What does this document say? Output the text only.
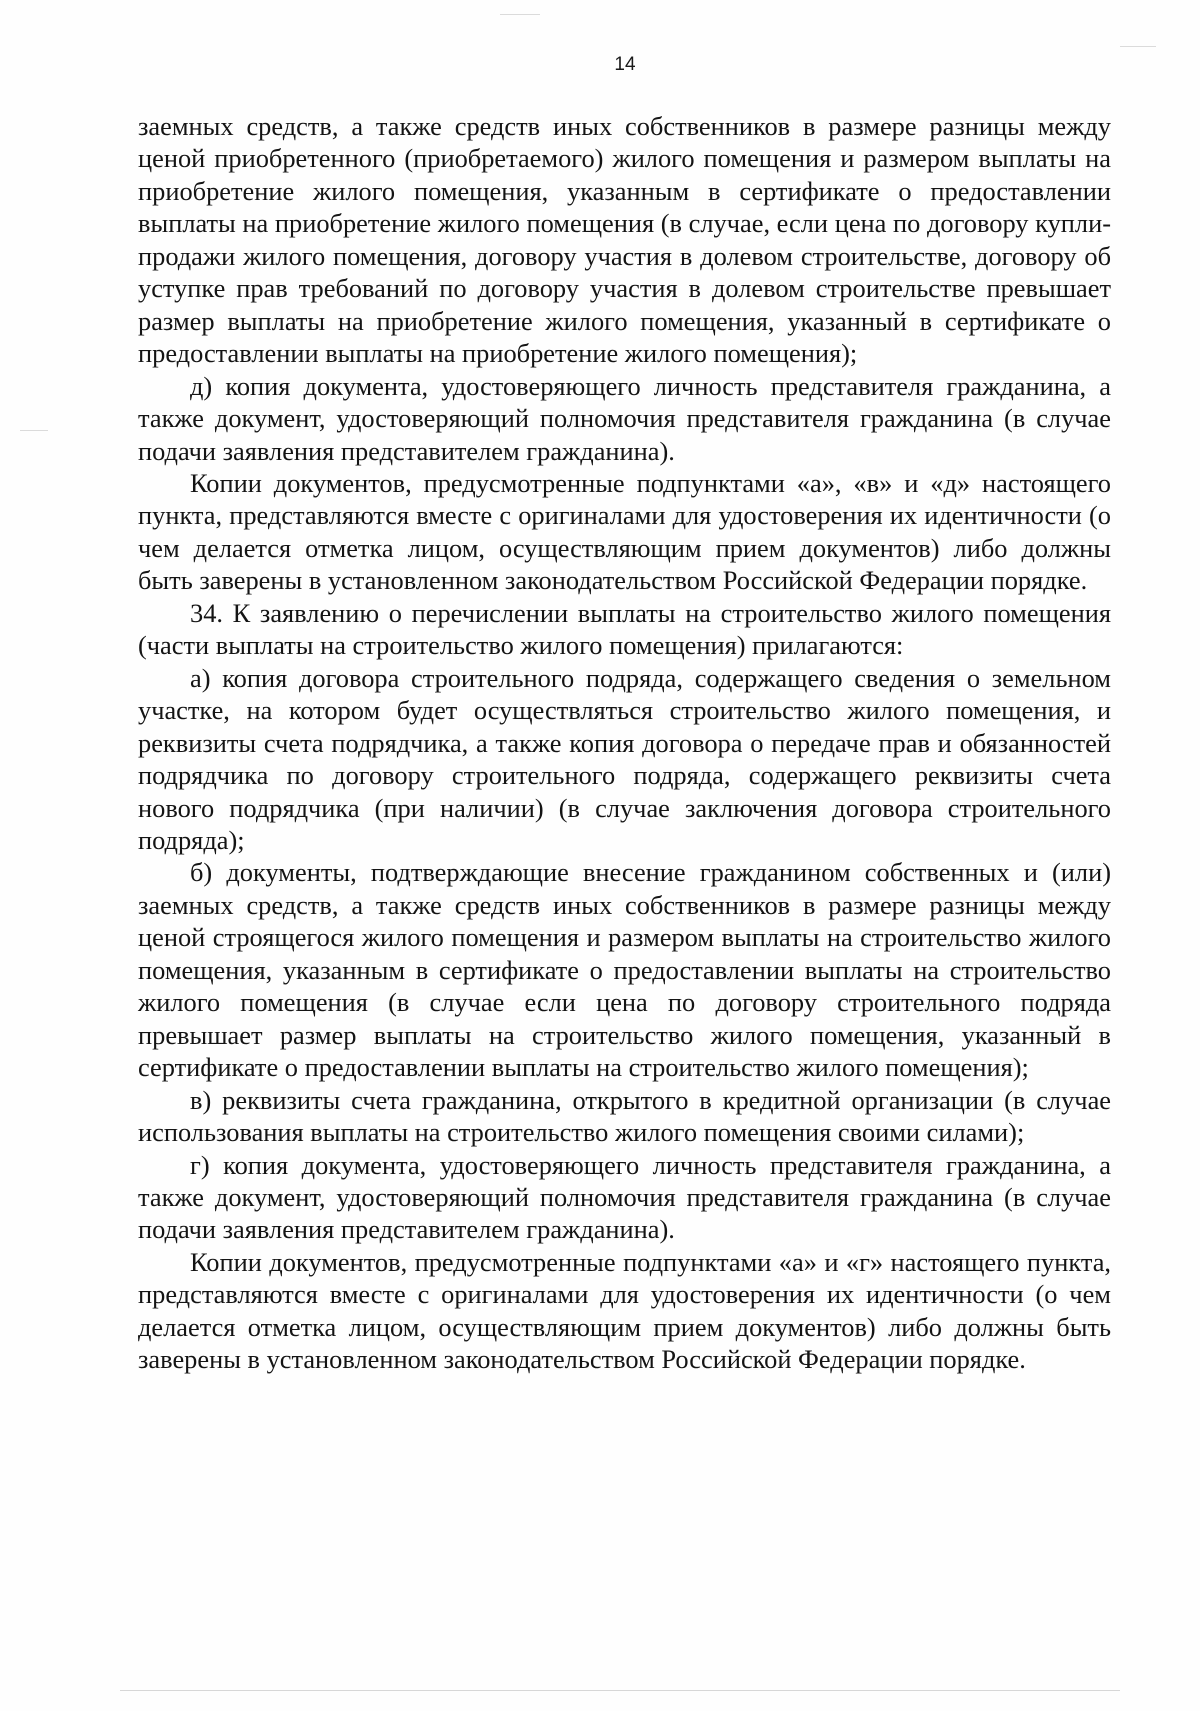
14

заемных средств, а также средств иных собственников в размере разницы между ценой приобретенного (приобретаемого) жилого помещения и размером выплаты на приобретение жилого помещения, указанным в сертификате о предоставлении выплаты на приобретение жилого помещения (в случае, если цена по договору купли-продажи жилого помещения, договору участия в долевом строительстве, договору об уступке прав требований по договору участия в долевом строительстве превышает размер выплаты на приобретение жилого помещения, указанный в сертификате о предоставлении выплаты на приобретение жилого помещения);

д) копия документа, удостоверяющего личность представителя гражданина, а также документ, удостоверяющий полномочия представителя гражданина (в случае подачи заявления представителем гражданина).

Копии документов, предусмотренные подпунктами «а», «в» и «д» настоящего пункта, представляются вместе с оригиналами для удостоверения их идентичности (о чем делается отметка лицом, осуществляющим прием документов) либо должны быть заверены в установленном законодательством Российской Федерации порядке.

34. К заявлению о перечислении выплаты на строительство жилого помещения (части выплаты на строительство жилого помещения) прилагаются:

а) копия договора строительного подряда, содержащего сведения о земельном участке, на котором будет осуществляться строительство жилого помещения, и реквизиты счета подрядчика, а также копия договора о передаче прав и обязанностей подрядчика по договору строительного подряда, содержащего реквизиты счета нового подрядчика (при наличии) (в случае заключения договора строительного подряда);

б) документы, подтверждающие внесение гражданином собственных и (или) заемных средств, а также средств иных собственников в размере разницы между ценой строящегося жилого помещения и размером выплаты на строительство жилого помещения, указанным в сертификате о предоставлении выплаты на строительство жилого помещения (в случае если цена по договору строительного подряда превышает размер выплаты на строительство жилого помещения, указанный в сертификате о предоставлении выплаты на строительство жилого помещения);

в) реквизиты счета гражданина, открытого в кредитной организации (в случае использования выплаты на строительство жилого помещения своими силами);

г) копия документа, удостоверяющего личность представителя гражданина, а также документ, удостоверяющий полномочия представителя гражданина (в случае подачи заявления представителем гражданина).

Копии документов, предусмотренные подпунктами «а» и «г» настоящего пункта, представляются вместе с оригиналами для удостоверения их идентичности (о чем делается отметка лицом, осуществляющим прием документов) либо должны быть заверены в установленном законодательством Российской Федерации порядке.
